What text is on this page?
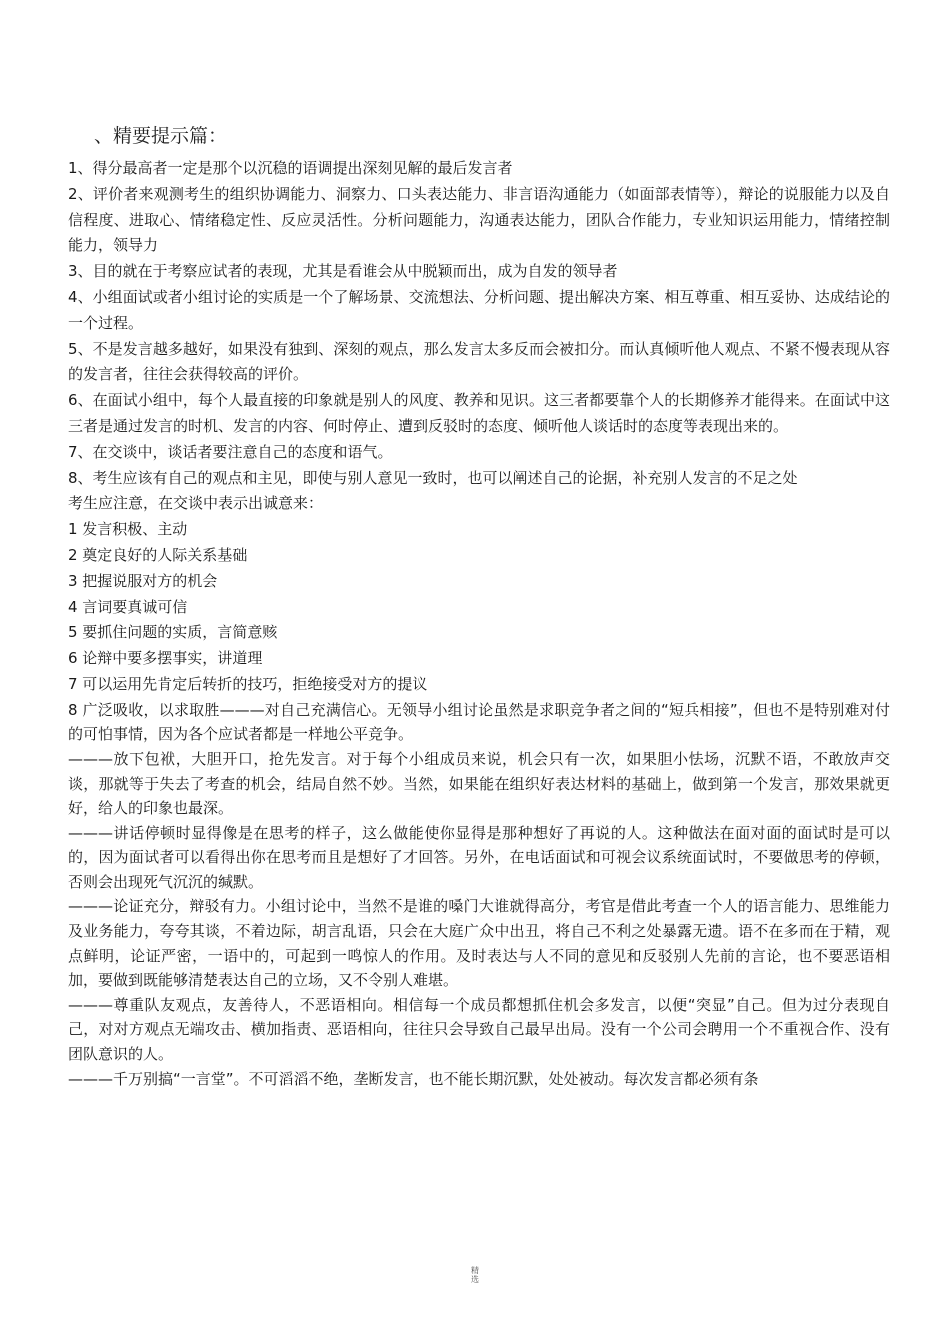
、精要提示篇：

1、得分最高者一定是那个以沉稳的语调提出深刻见解的最后发言者

2、评价者来观测考生的组织协调能力、洞察力、口头表达能力、非言语沟通能力（如面部表情等），辩论的说服能力以及自信程度、进取心、情绪稳定性、反应灵活性。分析问题能力，沟通表达能力，团队合作能力，专业知识运用能力，情绪控制能力，领导力

3、目的就在于考察应试者的表现，尤其是看谁会从中脱颖而出，成为自发的领导者

4、小组面试或者小组讨论的实质是一个了解场景、交流想法、分析问题、提出解决方案、相互尊重、相互妥协、达成结论的一个过程。

5、不是发言越多越好，如果没有独到、深刻的观点，那么发言太多反而会被扣分。而认真倾听他人观点、不紧不慢表现从容的发言者，往往会获得较高的评价。

6、在面试小组中，每个人最直接的印象就是别人的风度、教养和见识。这三者都要靠个人的长期修养才能得来。在面试中这三者是通过发言的时机、发言的内容、何时停止、遭到反驳时的态度、倾听他人谈话时的态度等表现出来的。

7、在交谈中，谈话者要注意自己的态度和语气。

8、考生应该有自己的观点和主见，即使与别人意见一致时，也可以阐述自己的论据，补充别人发言的不足之处

考生应注意，在交谈中表示出诚意来：

1 发言积极、主动

2 奠定良好的人际关系基础

3 把握说服对方的机会

4 言词要真诚可信

5 要抓住问题的实质，言简意赅

6 论辩中要多摆事实，讲道理

7 可以运用先肯定后转折的技巧，拒绝接受对方的提议

8 广泛吸收，以求取胜———对自己充满信心。无领导小组讨论虽然是求职竞争者之间的“短兵相接”，但也不是特别难对付的可怕事情，因为各个应试者都是一样地公平竞争。

———放下包袱，大胆开口，抢先发言。对于每个小组成员来说，机会只有一次，如果胆小怯场，沉默不语，不敢放声交谈，那就等于失去了考查的机会，结局自然不妙。当然，如果能在组织好表达材料的基础上，做到第一个发言，那效果就更好，给人的印象也最深。

———讲话停顿时显得像是在思考的样子，这么做能使你显得是那种想好了再说的人。这种做法在面对面的面试时是可以的，因为面试者可以看得出你在思考而且是想好了才回答。另外，在电话面试和可视会议系统面试时，不要做思考的停顿，否则会出现死气沉沉的缄默。

———论证充分，辩驳有力。小组讨论中，当然不是谁的嗓门大谁就得高分，考官是借此考查一个人的语言能力、思维能力及业务能力，夸夸其谈，不着边际，胡言乱语，只会在大庭广众中出丑，将自己不利之处暴露无遗。语不在多而在于精，观点鲜明，论证严密，一语中的，可起到一鸣惊人的作用。及时表达与人不同的意见和反驳别人先前的言论，也不要恶语相加，要做到既能够清楚表达自己的立场，又不令别人难堪。

———尊重队友观点，友善待人，不恶语相向。相信每一个成员都想抓住机会多发言，以便“突显”自己。但为过分表现自己，对对方观点无端攻击、横加指责、恶语相向，往往只会导致自己最早出局。没有一个公司会聘用一个不重视合作、没有团队意识的人。

———千万别搞“一言堂”。不可滔滔不绝，垄断发言，也不能长期沉默，处处被动。每次发言都必须有条

精
选
